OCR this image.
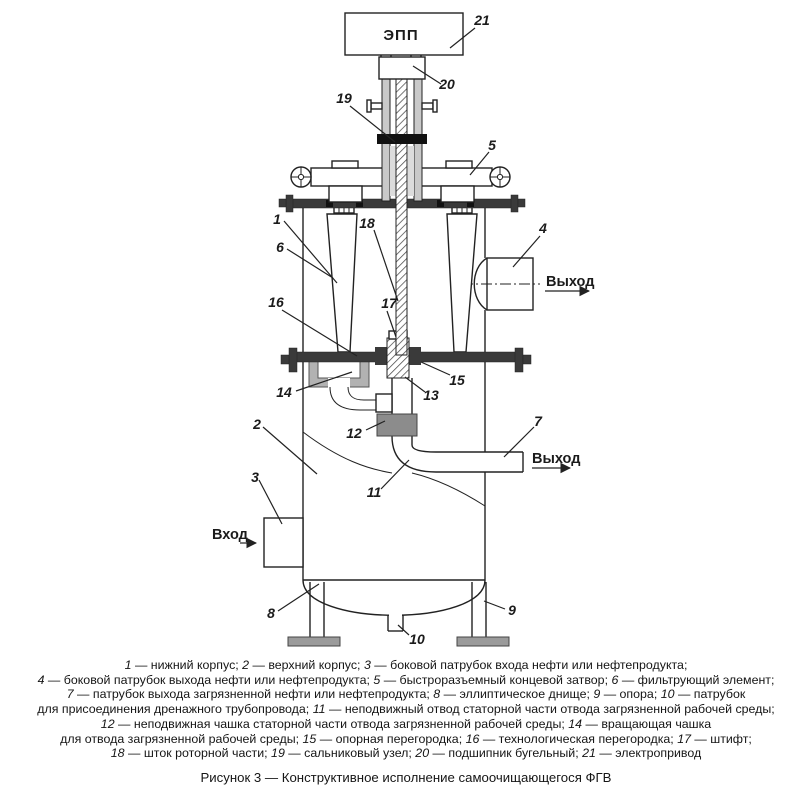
ЭПП
Вход
Выход
Выход
1
2
3
4
5
6
7
8	9
10
11
12
13
14
15
16	17
18
19
20
21
1 — нижний корпус; 2 — верхний корпус; 3 — боковой патрубок входа нефти или нефтепродукта;
4 — боковой патрубок выхода нефти или нефтепродукта; 5 — быстроразъемный концевой затвор; 6 — фильтрующий элемент;
7 — патрубок выхода загрязненной нефти или нефтепродукта; 8 — эллиптическое днище; 9 — опора; 10 — патрубок
для присоединения дренажного трубопровода; 11 — неподвижный отвод статорной части отвода загрязненной рабочей среды;
12 — неподвижная чашка статорной части отвода загрязненной рабочей среды; 14 — вращающая чашка
для отвода загрязненной рабочей среды; 15 — опорная перегородка; 16 — технологическая перегородка; 17 — штифт;
18 — шток роторной части; 19 — сальниковый узел; 20 — подшипник бугельный; 21 — электропривод
Рисунок 3 — Конструктивное исполнение самоочищающегося ФГВ
